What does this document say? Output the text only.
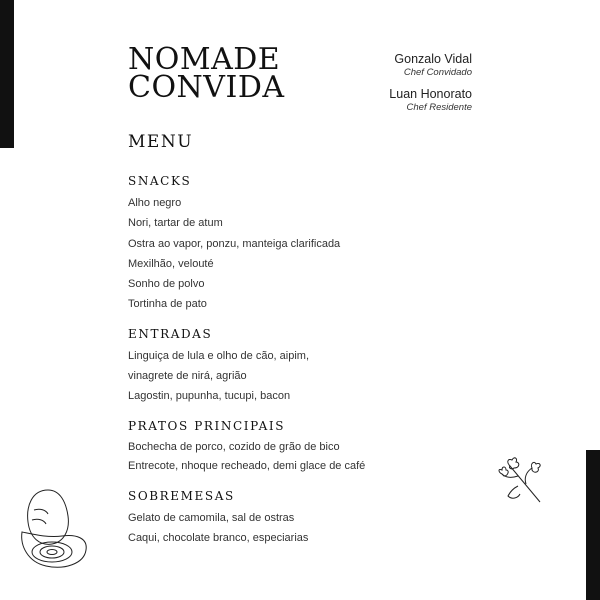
NOMADE
CONVIDA
Gonzalo Vidal
Chef Convidado
Luan Honorato
Chef Residente
MENU
SNACKS
Alho negro
Nori, tartar de atum
Ostra ao vapor, ponzu, manteiga clarificada
Mexilhão, velouté
Sonho de polvo
Tortinha de pato
ENTRADAS
Linguiça de lula e olho de cão, aipim,
vinagrete de nirá, agrião
Lagostin, pupunha, tucupi, bacon
PRATOS PRINCIPAIS
Bochecha de porco, cozido de grão de bico
Entrecote, nhoque recheado, demi glace de café
SOBREMESAS
Gelato de camomila, sal de ostras
Caqui, chocolate branco, especiarias
